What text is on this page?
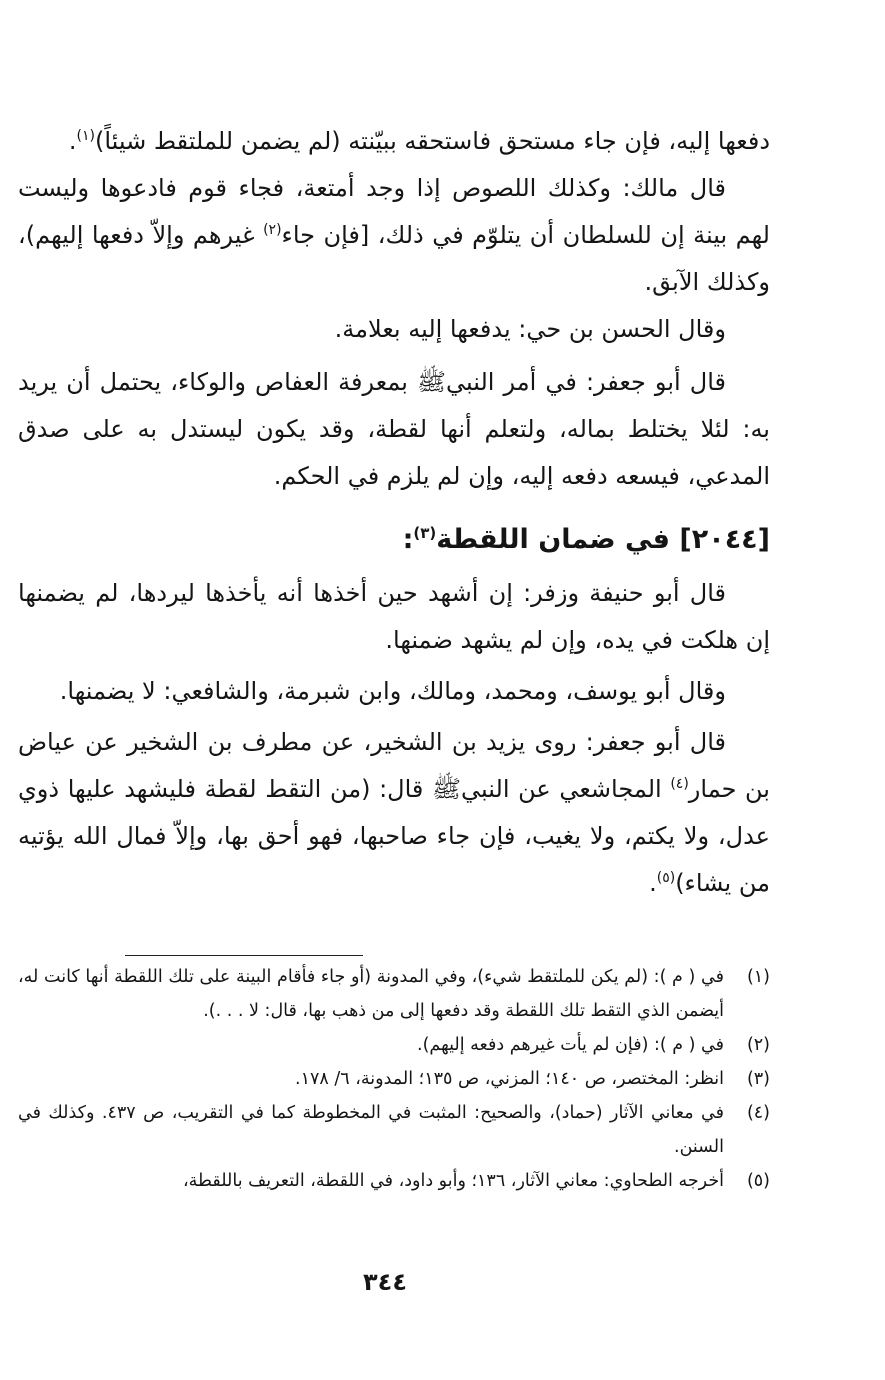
دفعها إليه، فإن جاء مستحق فاستحقه ببيّنته (لم يضمن للملتقط شيئاً)$^{(١)}$.

قال مالك: وكذلك اللصوص إذا وجد أمتعة، فجاء قوم فادعوها وليست لهم بينة إن للسلطان أن يتلوّم في ذلك، [فإن جاء$^{(٢)}$ غيرهم وإلاّ دفعها إليهم)، وكذلك الآبق.

وقال الحسن بن حي: يدفعها إليه بعلامة.

قال أبو جعفر: في أمر النبيﷺ بمعرفة العفاص والوكاء، يحتمل أن يريد به: لئلا يختلط بماله، ولتعلم أنها لقطة، وقد يكون ليستدل به على صدق المدعي، فيسعه دفعه إليه، وإن لم يلزم في الحكم.

[٢٠٤٤] في ضمان اللقطة$^{(٣)}$:

قال أبو حنيفة وزفر: إن أشهد حين أخذها أنه يأخذها ليردها، لم يضمنها إن هلكت في يده، وإن لم يشهد ضمنها.

وقال أبو يوسف، ومحمد، ومالك، وابن شبرمة، والشافعي: لا يضمنها.

قال أبو جعفر: روى يزيد بن الشخير، عن مطرف بن الشخير عن عياض بن حمار$^{(٤)}$ المجاشعي عن النبيﷺ قال: (من التقط لقطة فليشهد عليها ذوي عدل، ولا يكتم، ولا يغيب، فإن جاء صاحبها، فهو أحق بها، وإلاّ فمال الله يؤتيه من يشاء)$^{(٥)}$.

(١)
في ( م ): (لم يكن للملتقط شيء)، وفي المدونة (أو جاء فأقام البينة على تلك اللقطة أنها كانت له، أيضمن الذي التقط تلك اللقطة وقد دفعها إلى من ذهب بها، قال: لا . . .).
(٢)
في ( م ): (فإن لم يأت غيرهم دفعه إليهم).
(٣)
انظر: المختصر، ص ١٤٠؛ المزني، ص ١٣٥؛ المدونة، ٦/ ١٧٨.
(٤)
في معاني الآثار (حماد)، والصحيح: المثبت في المخطوطة كما في التقريب، ص ٤٣٧. وكذلك في السنن.
(٥)
أخرجه الطحاوي: معاني الآثار، ١٣٦؛ وأبو داود، في اللقطة، التعريف باللقطة،
٣٤٤
